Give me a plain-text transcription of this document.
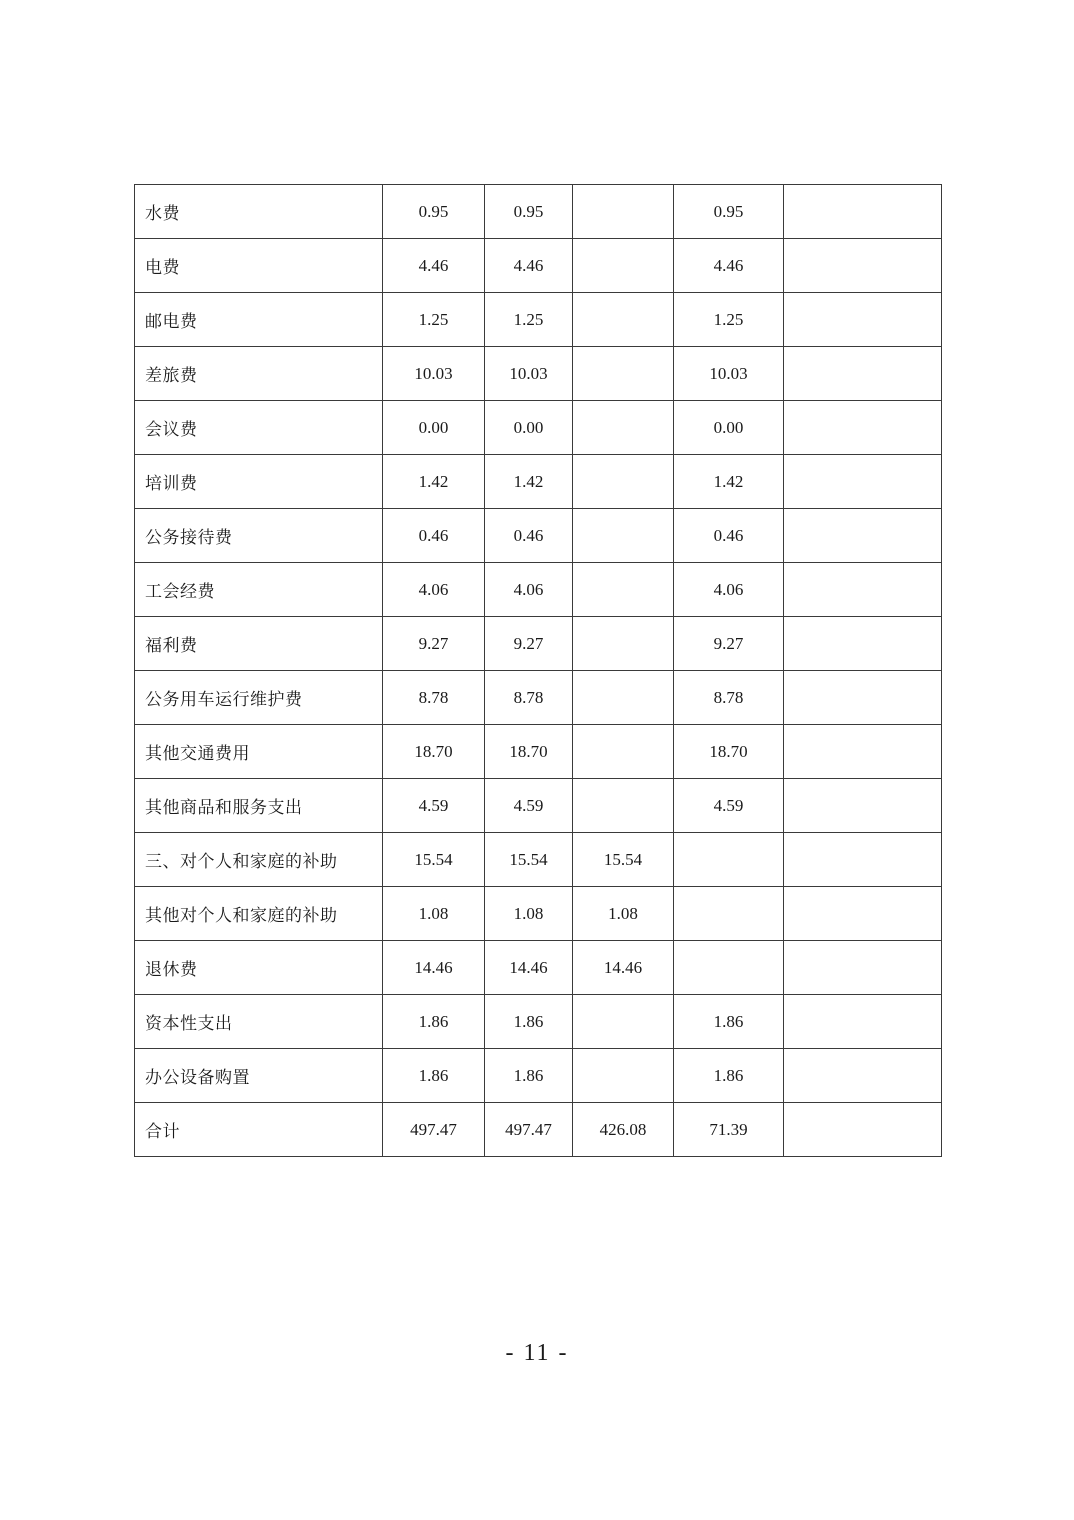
水费	0.95	0.95		0.95	
电费	4.46	4.46		4.46	
邮电费	1.25	1.25		1.25	
差旅费	10.03	10.03		10.03	
会议费	0.00	0.00		0.00	
培训费	1.42	1.42		1.42	
公务接待费	0.46	0.46		0.46	
工会经费	4.06	4.06		4.06	
福利费	9.27	9.27		9.27	
公务用车运行维护费	8.78	8.78		8.78	
其他交通费用	18.70	18.70		18.70	
其他商品和服务支出	4.59	4.59		4.59	
三、对个人和家庭的补助	15.54	15.54	15.54		
其他对个人和家庭的补助	1.08	1.08	1.08		
退休费	14.46	14.46	14.46		
资本性支出	1.86	1.86		1.86	
办公设备购置	1.86	1.86		1.86	
合计	497.47	497.47	426.08	71.39	
- 11 -
